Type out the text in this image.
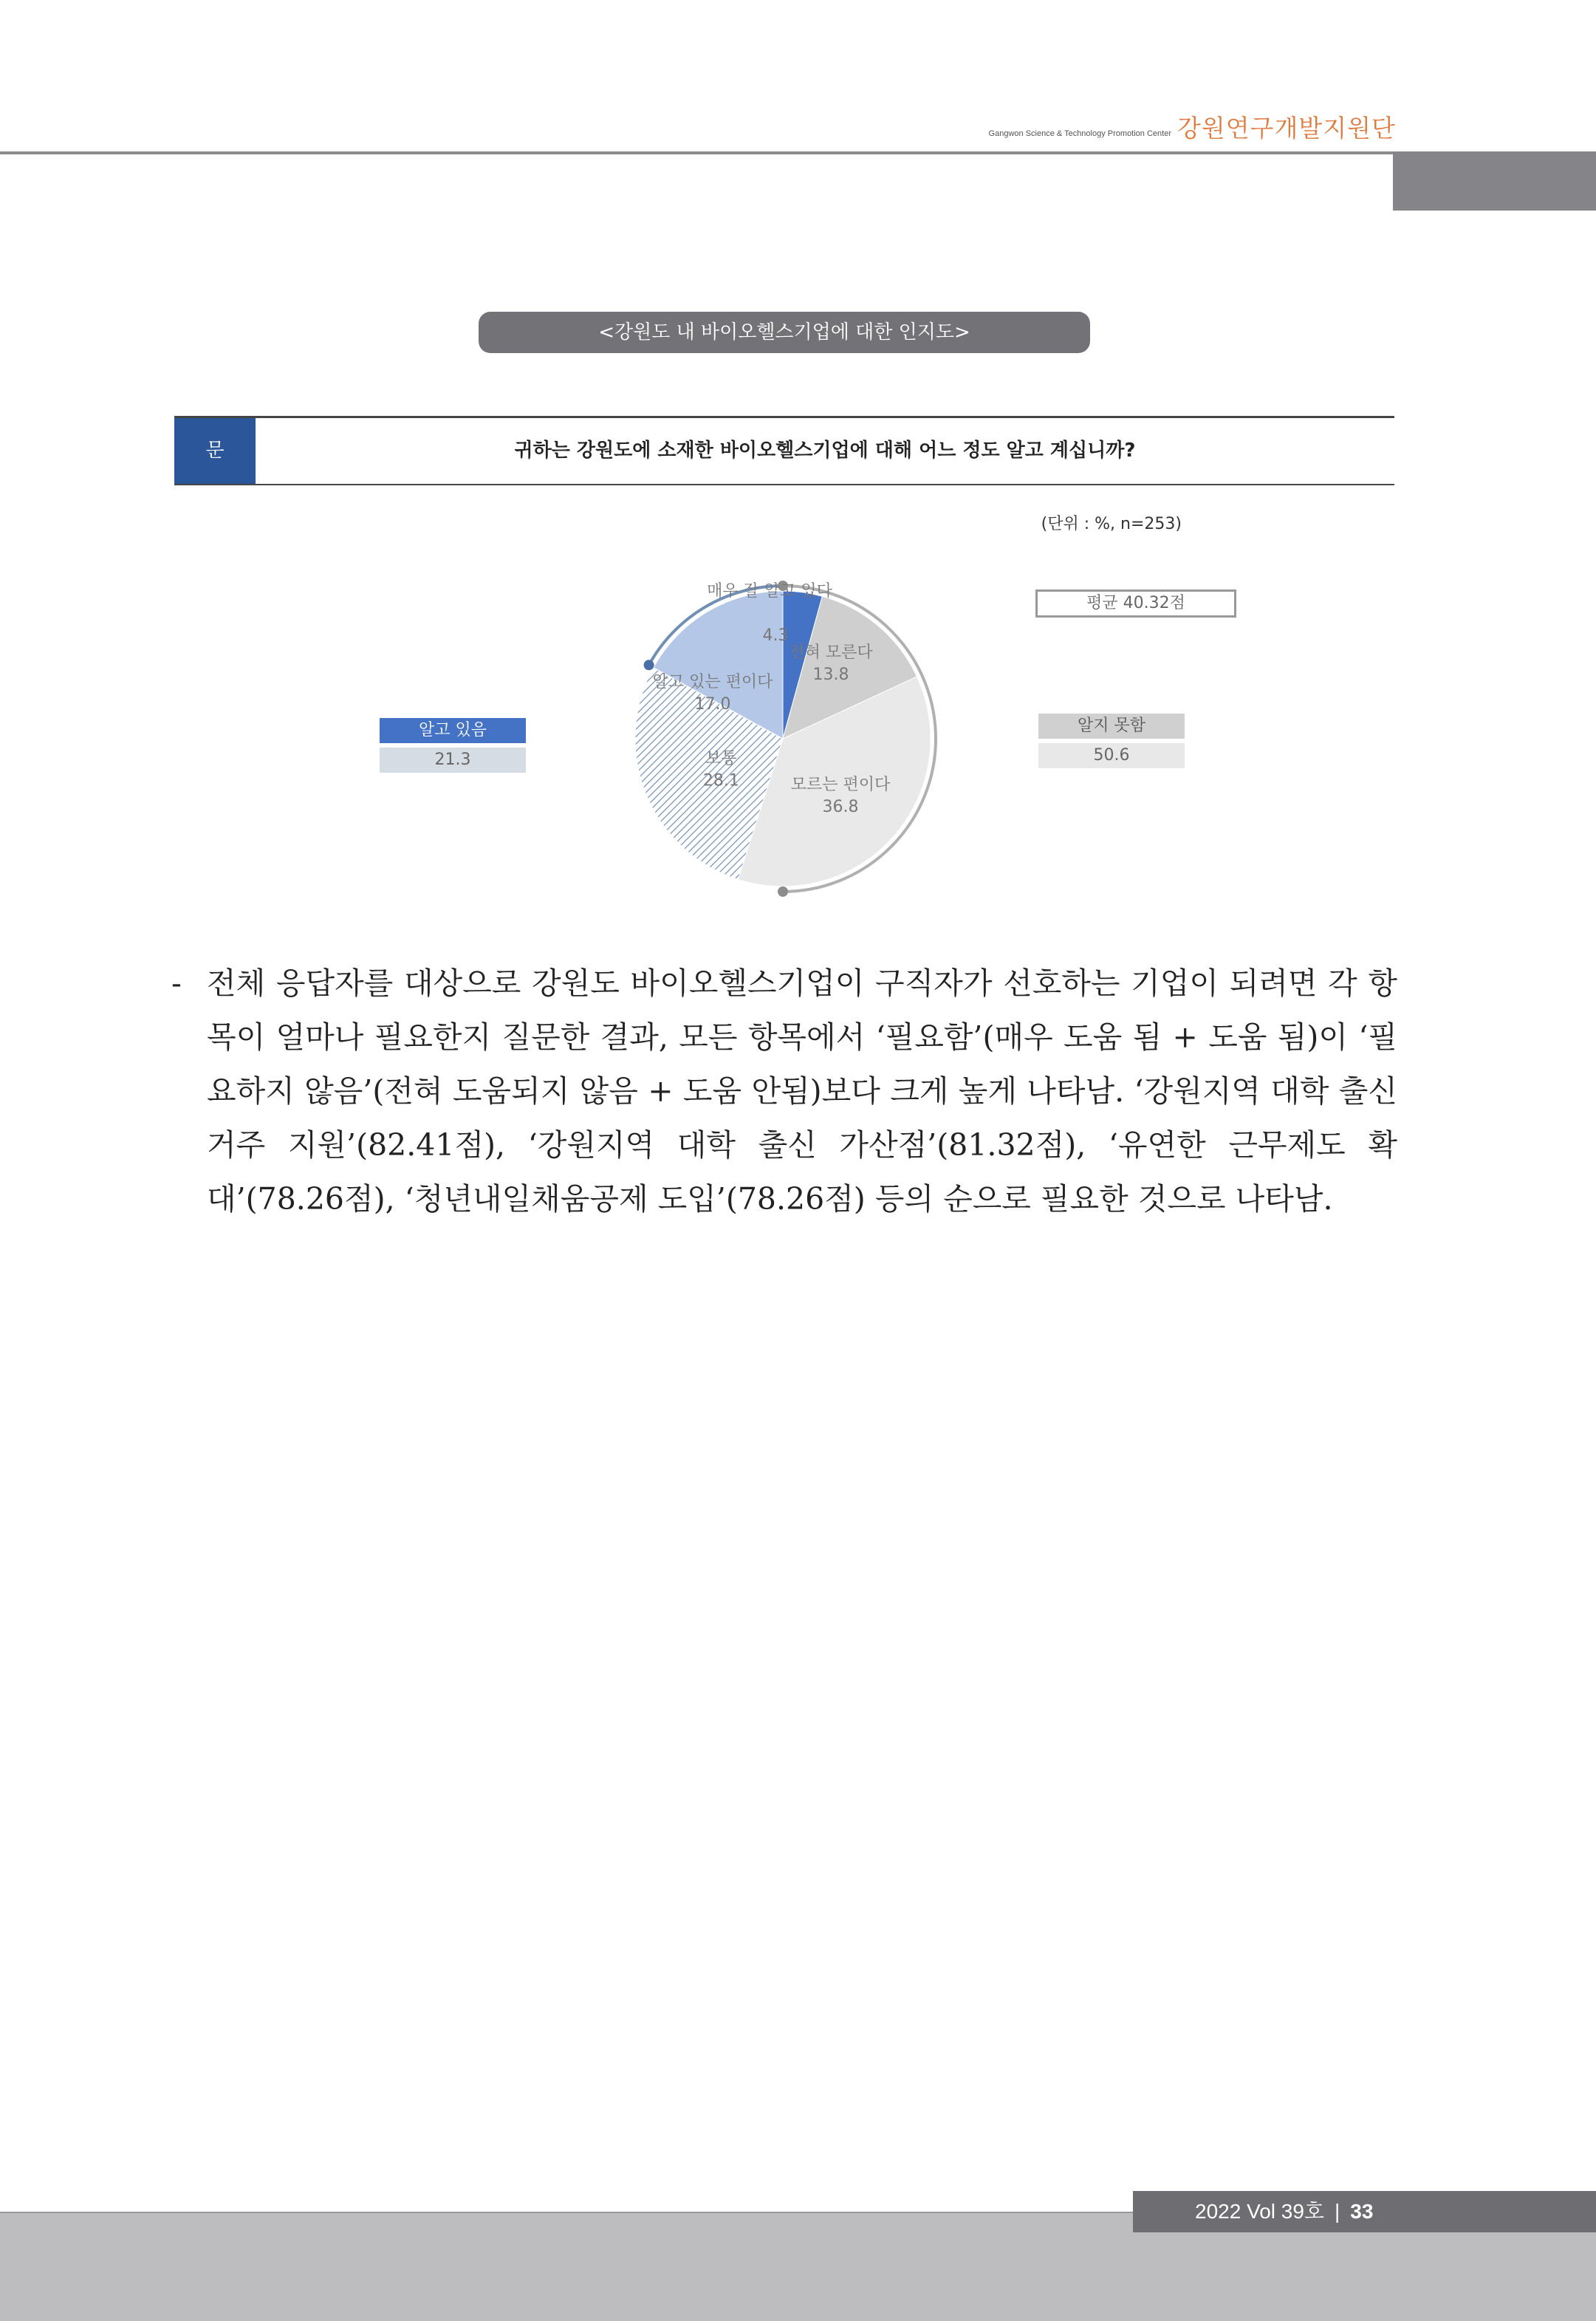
Gangwon Science & Technology Promotion Center 강원연구개발지원단
<강원도 내 바이오헬스기업에 대한 인지도>
문	귀하는 강원도에 소재한 바이오헬스기업에 대해 어느 정도 알고 계십니까?
(단위 : %, n=253)
평균 40.32점
알고 있음
21.3
알지 못함
50.6
매우 잘 알고 있다
4.3
전혀 모른다
13.8
모르는 편이다
36.8
보통
28.1
알고 있는 편이다
17.0
- 전체 응답자를 대상으로 강원도 바이오헬스기업이 구직자가 선호하는 기업이 되려면 각 항목이 얼마나 필요한지 질문한 결과, 모든 항목에서 ‘필요함’(매우 도움 됨 + 도움 됨)이 ‘필요하지 않음’(전혀 도움되지 않음 + 도움 안됨)보다 크게 높게 나타남. ‘강원지역 대학 출신 거주 지원’(82.41점), ‘강원지역 대학 출신 가산점’(81.32점), ‘유연한 근무제도 확대’(78.26점), ‘청년내일채움공제 도입’(78.26점) 등의 순으로 필요한 것으로 나타남.
2022 Vol 39호 | 33
